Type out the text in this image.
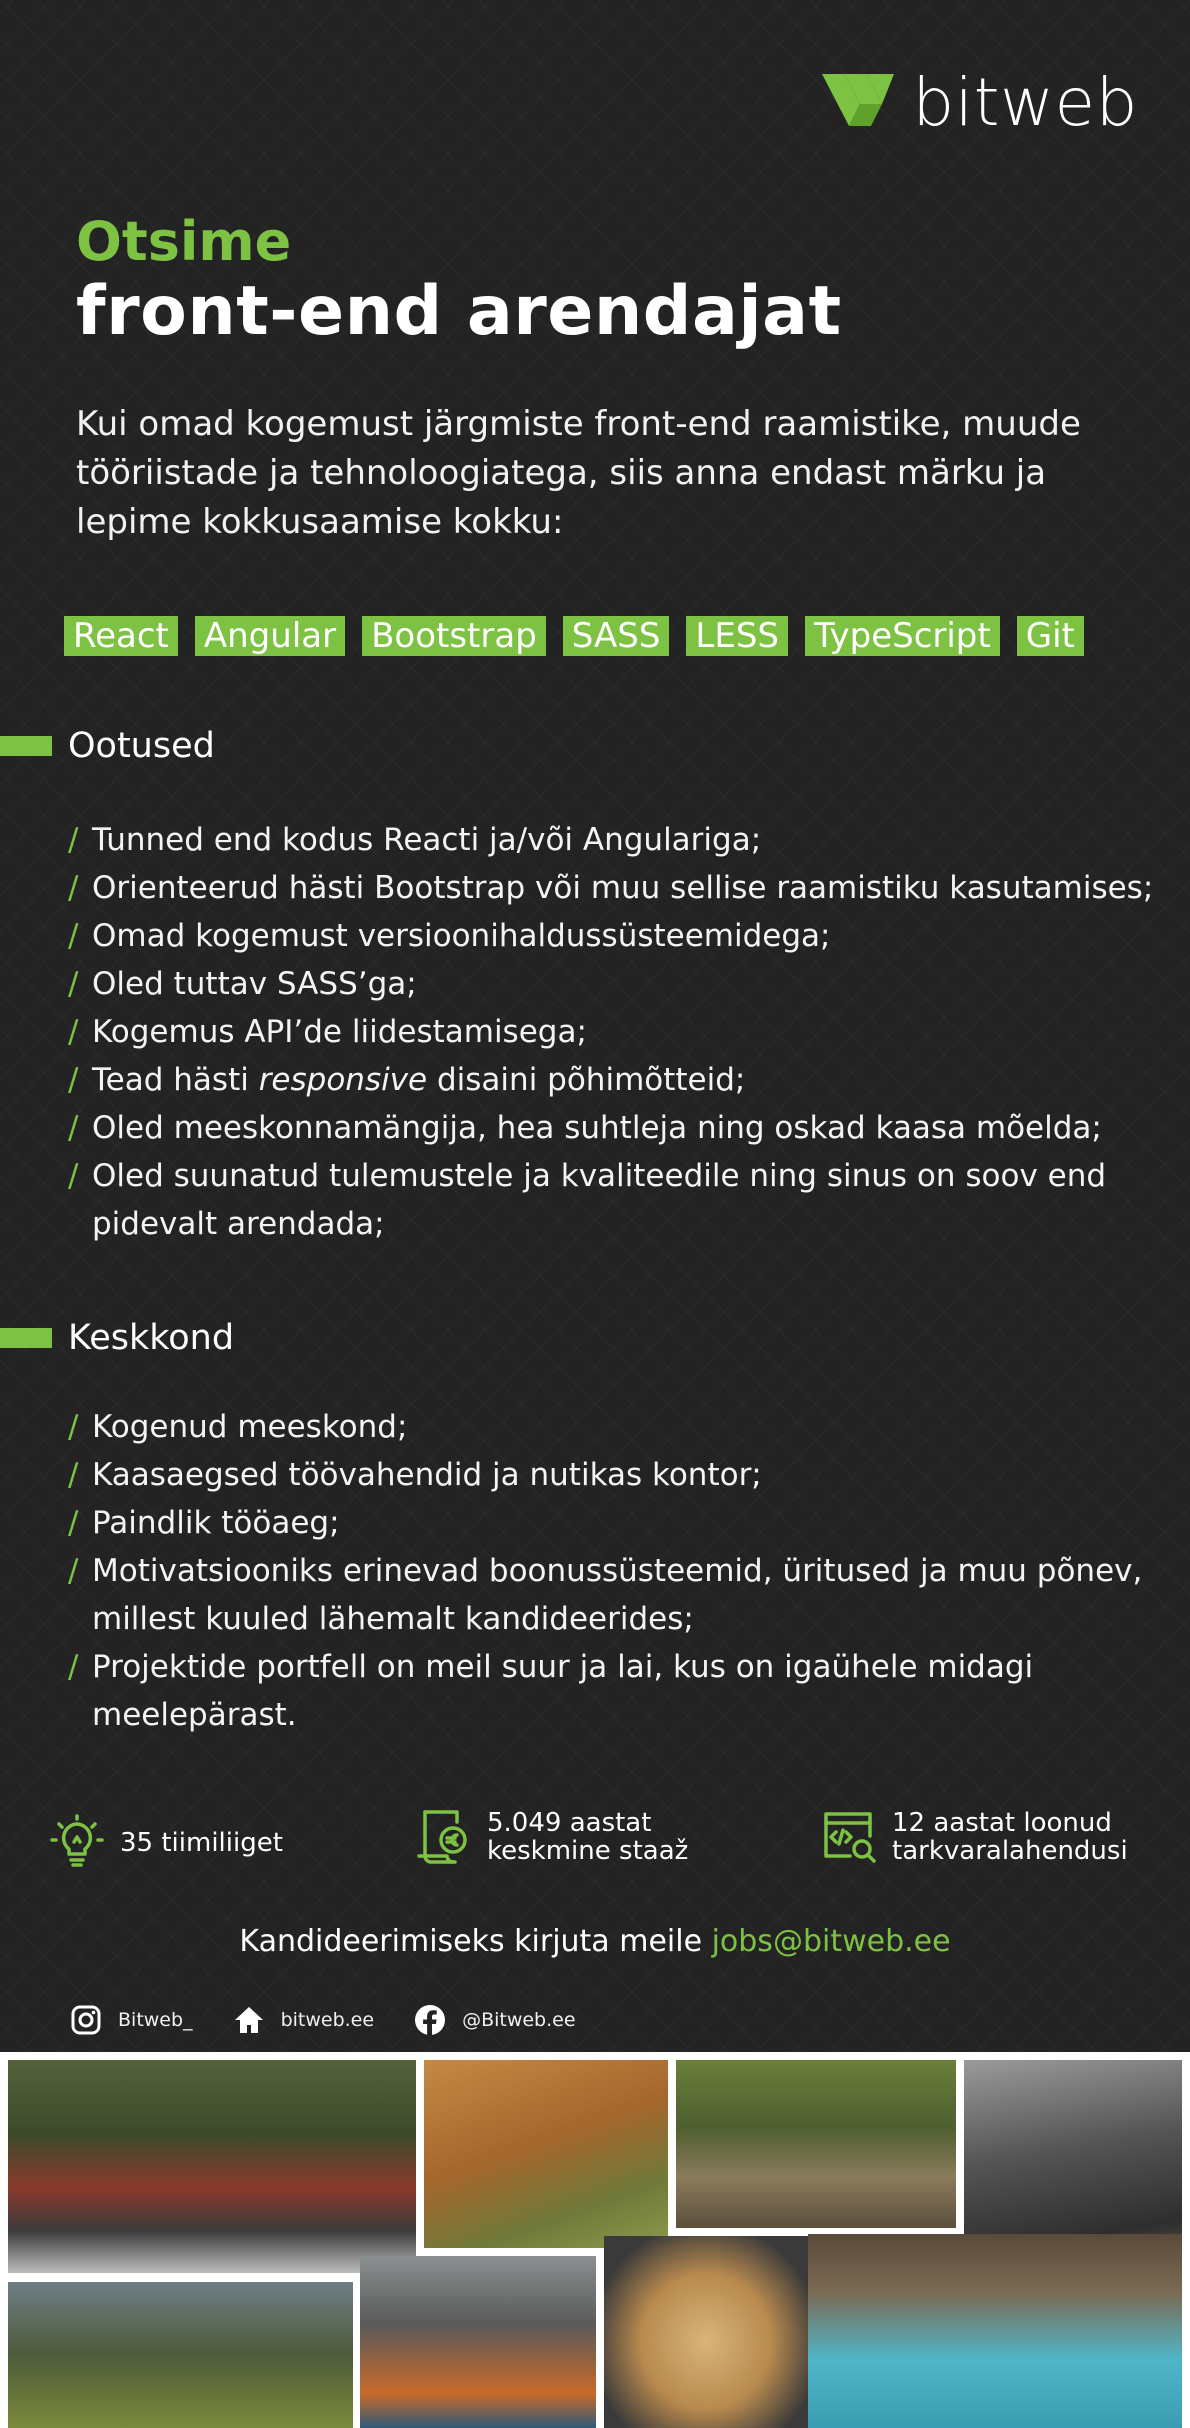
bitweb
Otsime
front-end arendajat
Kui omad kogemust järgmiste front-end raamistike, muude tööriistade ja tehnoloogiatega, siis anna endast märku ja lepime kokkusaamise kokku:
React Angular Bootstrap SASS LESS TypeScript Git
Ootused
/ Tunned end kodus Reacti ja/või Angulariga;
/ Orienteerud hästi Bootstrap või muu sellise raamistiku kasutamises;
/ Omad kogemust versioonihaldussüsteemidega;
/ Oled tuttav SASS’ga;
/ Kogemus API’de liidestamisega;
/ Tead hästi responsive disaini põhimõtteid;
/ Oled meeskonnamängija, hea suhtleja ning oskad kaasa mõelda;
/ Oled suunatud tulemustele ja kvaliteedile ning sinus on soov end pidevalt arendada;
Keskkond
/ Kogenud meeskond;
/ Kaasaegsed töövahendid ja nutikas kontor;
/ Paindlik tööaeg;
/ Motivatsiooniks erinevad boonussüsteemid, üritused ja muu põnev, millest kuuled lähemalt kandideerides;
/ Projektide portfell on meil suur ja lai, kus on igaühele midagi meelepärast.
35 tiimiliiget
5.049 aastat
keskmine staaž
12 aastat loonud
tarkvaralahendusi
Kandideerimiseks kirjuta meile jobs@bitweb.ee
Bitweb_	bitweb.ee	@Bitweb.ee
